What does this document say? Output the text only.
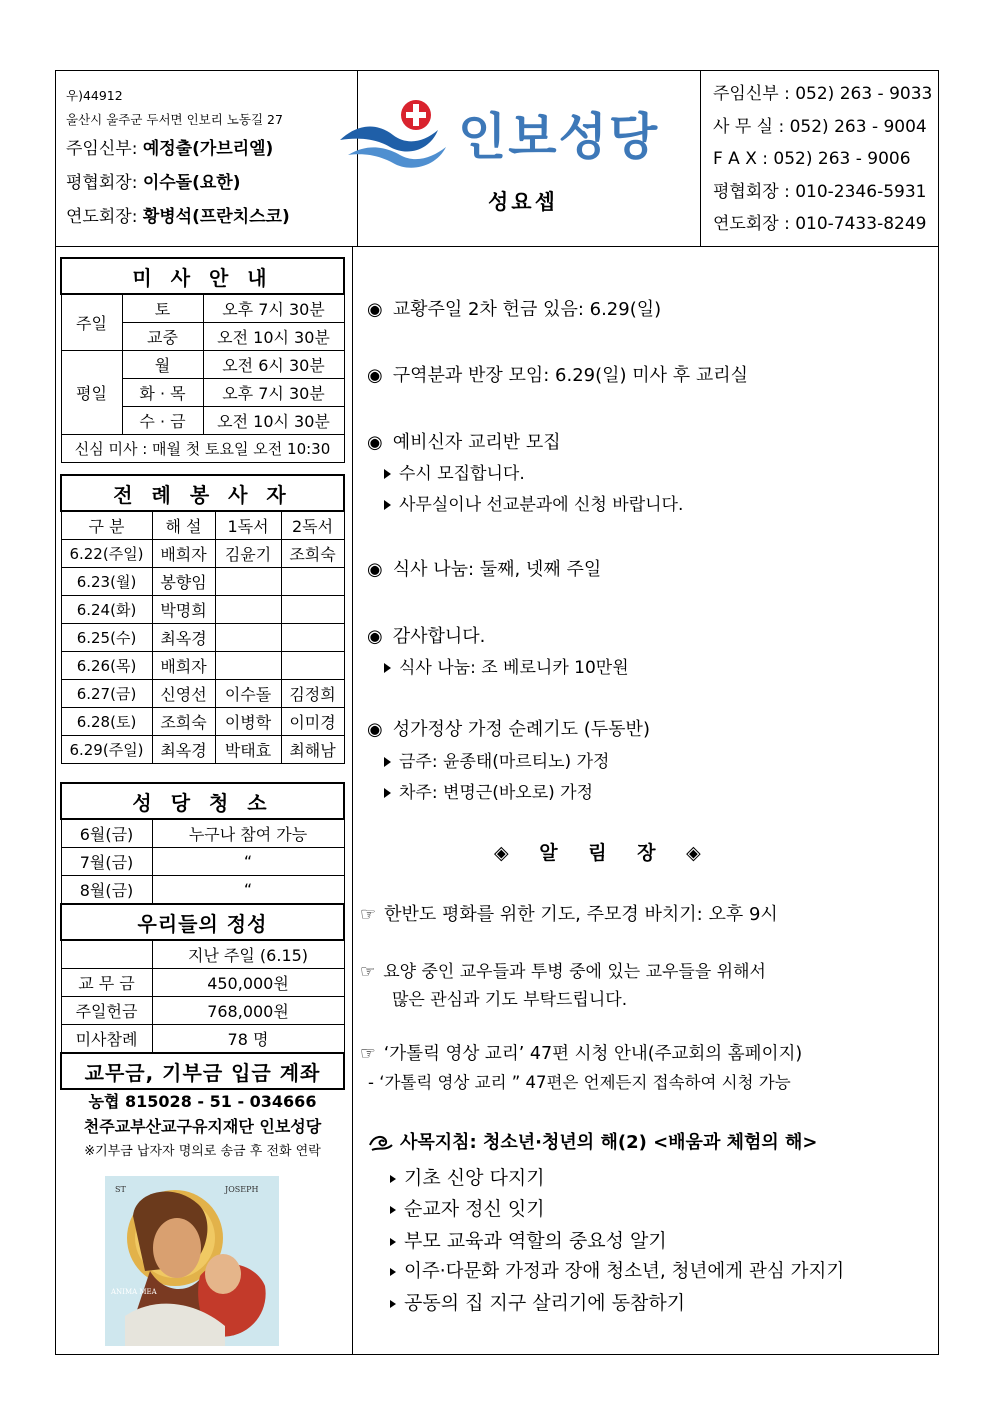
우)44912
울산시 울주군 두서면 인보리 노동길 27
주임신부: 예정출(가브리엘)
평협회장: 이수돌(요한)
연도회장: 황병석(프란치스코)
인보성당
성요셉
주임신부 : 052) 263 - 9033
사 무 실 : 052) 263 - 9004
F A X : 052) 263 - 9006
평협회장 : 010-2346-5931
연도회장 : 010-7433-8249
미 사 안 내		
주일	토	오후 7시 30분
	교중	오전 10시 30분
평일	월	오전 6시 30분
	화 · 목	오후 7시 30분
	수 · 금	오전 10시 30분
신심 미사 : 매월 첫 토요일 오전 10:30		
전 례 봉 사 자			
구 분	해 설	1독서	2독서
6.22(주일)	배희자	김윤기	조희숙
6.23(월)	봉향임		
6.24(화)	박명희		
6.25(수)	최옥경		
6.26(목)	배희자		
6.27(금)	신영선	이수돌	김정희
6.28(토)	조희숙	이병학	이미경
6.29(주일)	최옥경	박태효	최해남
성 당 청 소	
6월(금)	누구나 참여 가능
7월(금)	“
8월(금)	“
우리들의 정성	
	지난 주일 (6.15)
교 무 금	450,000원
주일헌금	768,000원
미사참례	78 명
교무금, 기부금 입금 계좌
농협 815028 - 51 - 034666
천주교부산교구유지재단 인보성당
※기부금 납자자 명의로 송금 후 전화 연락
ST	JOSEPH
ANIMA MEA
◉ 교황주일 2차 헌금 있음: 6.29(일)
◉ 구역분과 반장 모임: 6.29(일) 미사 후 교리실
◉ 예비신자 교리반 모집
수시 모집합니다.
사무실이나 선교분과에 신청 바랍니다.
◉ 식사 나눔: 둘째, 넷째 주일
◉ 감사합니다.
식사 나눔: 조 베로니카 10만원
◉ 성가정상 가정 순례기도 (두동반)
금주: 윤종태(마르티노) 가정
차주: 변명근(바오로) 가정
◈ 알 림 장 ◈
☞ 한반도 평화를 위한 기도, 주모경 바치기: 오후 9시
☞ 요양 중인 교우들과 투병 중에 있는 교우들을 위해서
많은 관심과 기도 부탁드립니다.
☞ ‘가톨릭 영상 교리’ 47편 시청 안내(주교회의 홈페이지)
- ‘가톨릭 영상 교리 ” 47편은 언제든지 접속하여 시청 가능
사목지침: 청소년·청년의 해(2) <배움과 체험의 해>
기초 신앙 다지기
순교자 정신 잇기
부모 교육과 역할의 중요성 알기
이주·다문화 가정과 장애 청소년, 청년에게 관심 가지기
공동의 집 지구 살리기에 동참하기
